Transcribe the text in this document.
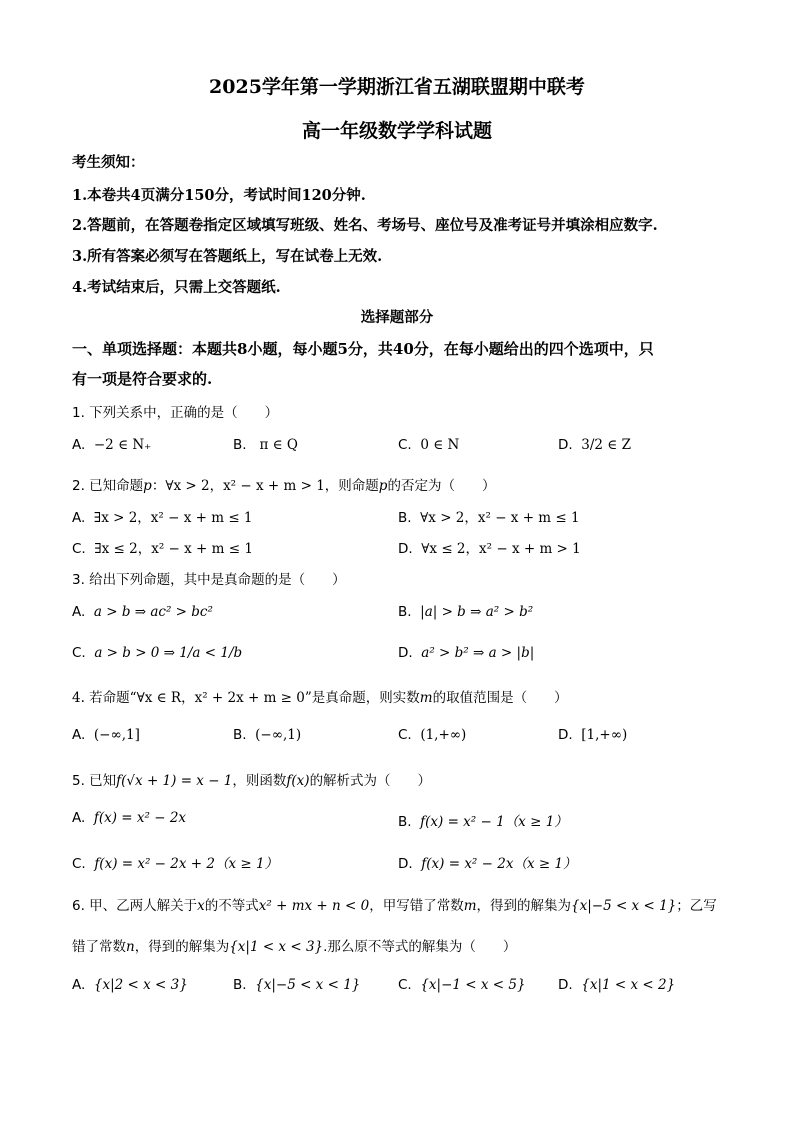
2025学年第一学期浙江省五湖联盟期中联考
高一年级数学学科试题
考生须知：
1.本卷共4页满分150分，考试时间120分钟.
2.答题前，在答题卷指定区域填写班级、姓名、考场号、座位号及准考证号并填涂相应数字.
3.所有答案必须写在答题纸上，写在试卷上无效.
4.考试结束后，只需上交答题纸.
选择题部分
一、单项选择题：本题共8小题，每小题5分，共40分，在每小题给出的四个选项中，只
有一项是符合要求的.
1. 下列关系中，正确的是（　　）
A.  −2 ∈ N₊	B.   π ∈ Q	C.  0 ∈ N	D.  3/2 ∈ Z
2. 已知命题p：∀x > 2，x² − x + m > 1，则命题p的否定为（　　）
A.  ∃x > 2，x² − x + m ≤ 1	B.  ∀x > 2，x² − x + m ≤ 1
C.  ∃x ≤ 2，x² − x + m ≤ 1	D.  ∀x ≤ 2，x² − x + m > 1
3. 给出下列命题，其中是真命题的是（　　）
A.  a > b ⇒ ac² > bc²	B.  |a| > b ⇒ a² > b²
C.  a > b > 0 ⇒ 1/a < 1/b	D.  a² > b² ⇒ a > |b|
4. 若命题“∀x ∈ R，x² + 2x + m ≥ 0”是真命题，则实数m的取值范围是（　　）
A.  (−∞,1]	B.  (−∞,1)	C.  (1,+∞)	D.  [1,+∞)
5. 已知f(√x + 1) = x − 1，则函数f(x)的解析式为（　　）
A.  f(x) = x² − 2x	B.  f(x) = x² − 1（x ≥ 1）
C.  f(x) = x² − 2x + 2（x ≥ 1）	D.  f(x) = x² − 2x（x ≥ 1）
6. 甲、乙两人解关于x的不等式x² + mx + n < 0，甲写错了常数m，得到的解集为{x|−5 < x < 1}；乙写
错了常数n，得到的解集为{x|1 < x < 3}.那么原不等式的解集为（　　）
A.  {x|2 < x < 3}	B.  {x|−5 < x < 1}	C.  {x|−1 < x < 5} D.  {x|1 < x < 2}
